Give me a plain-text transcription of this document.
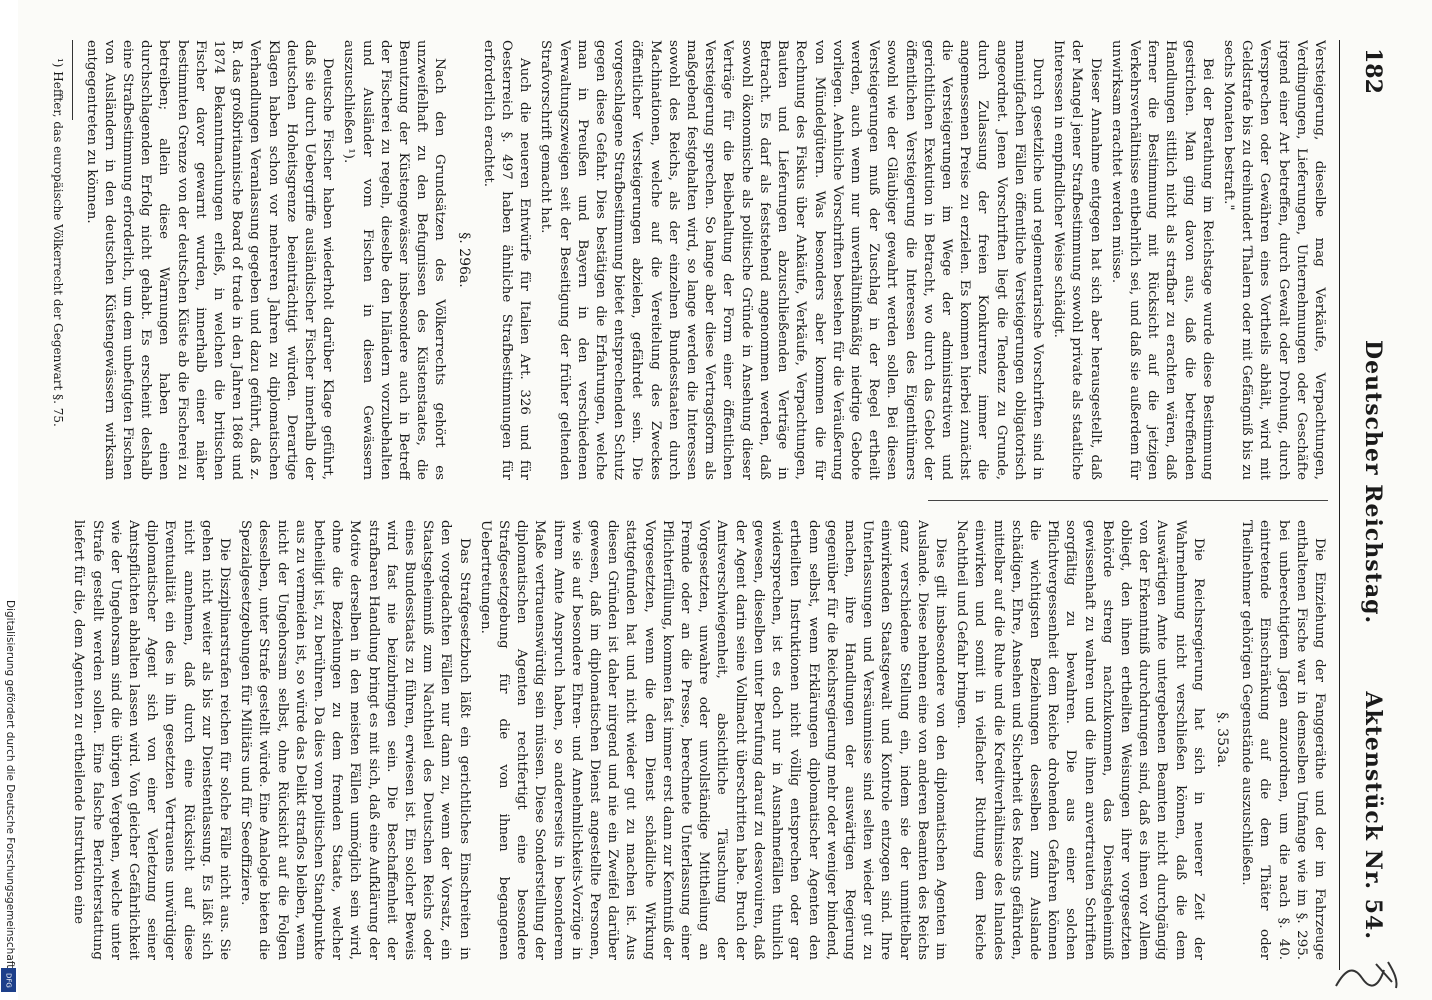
182
Deutscher Reichstag.
Aktenstück Nr. 54.

Versteigerung, dieselbe mag Verkäufe, Verpachtungen, Verdingungen, Lieferungen, Unternehmungen oder Geschäfte irgend einer Art betreffen, durch Gewalt oder Drohung, durch Versprechen oder Gewähren eines Vortheils abhält, wird mit Geldstrafe bis zu dreihundert Thalern oder mit Gefängniß bis zu sechs Monaten bestraft."

Bei der Berathung im Reichstage wurde diese Bestimmung gestrichen. Man ging davon aus, daß die betreffenden Handlungen sittlich nicht als strafbar zu erachten wären, daß ferner die Bestimmung mit Rücksicht auf die jetzigen Verkehrsverhältnisse entbehrlich sei, und daß sie außerdem für unwirksam erachtet werden müsse.

Dieser Annahme entgegen hat sich aber herausgestellt, daß der Mangel jener Strafbestimmung sowohl private als staatliche Interessen in empfindlicher Weise schädigt.

Durch gesetzliche und reglementarische Vorschriften sind in mannigfachen Fällen öffentliche Versteigerungen obligatorisch angeordnet. Jenen Vorschriften liegt die Tendenz zu Grunde, durch Zulassung der freien Konkurrenz immer die angemessenen Preise zu erzielen. Es kommen hierbei zunächst die Versteigerungen im Wege der administrativen und gerichtlichen Exekution in Betracht, wo durch das Gebot der öffentlichen Versteigerung die Interessen des Eigenthümers sowohl wie der Gläubiger gewahrt werden sollen. Bei diesen Versteigerungen muß der Zuschlag in der Regel ertheilt werden, auch wenn nur unverhältnißmäßig niedrige Gebote vorliegen. Aehnliche Vorschriften bestehen für die Veräußerung von Mündelgütern. Was besonders aber kommen die für Rechnung des Fiskus über Ankäufe, Verkäufe, Verpachtungen, Bauten und Lieferungen abzuschließenden Verträge in Betracht. Es darf als feststehend angenommen werden, daß sowohl ökonomische als politische Gründe in Ansehung dieser Verträge für die Beibehaltung der Form einer öffentlichen Versteigerung sprechen. So lange aber diese Vertragsform als maßgebend festgehalten wird, so lange werden die Interessen sowohl des Reichs, als der einzelnen Bundesstaaten durch Machinationen, welche auf die Vereitelung des Zweckes öffentlicher Versteigerungen abzielen, gefährdet sein. Die vorgeschlagene Strafbestimmung bietet entsprechenden Schutz gegen diese Gefahr. Dies bestätigen die Erfahrungen, welche man in Preußen und Bayern in den verschiedenen Verwaltungszweigen seit der Beseitigung der früher geltenden Strafvorschrift gemacht hat.

Auch die neueren Entwürfe für Italien Art. 326 und für Oesterreich §. 497 haben ähnliche Strafbestimmungen für erforderlich erachtet.

§. 296a.

Nach den Grundsätzen des Völkerrechts gehört es unzweifelhaft zu den Befugnissen des Küstenstaates, die Benutzung der Küstengewässer insbesondere auch in Betreff der Fischerei zu regeln, dieselbe den Inländern vorzubehalten und Ausländer vom Fischen in diesen Gewässern auszuschließen ¹).

Deutsche Fischer haben wiederholt darüber Klage geführt, daß sie durch Uebergriffe ausländischer Fischer innerhalb der deutschen Hoheitsgrenze beeinträchtigt würden. Derartige Klagen haben schon vor mehreren Jahren zu diplomatischen Verhandlungen Veranlassung gegeben und dazu geführt, daß z. B. das großbritannische Board of trade in den Jahren 1868 und 1874 Bekanntmachungen erließ, in welchen die britischen Fischer davor gewarnt wurden, innerhalb einer näher bestimmten Grenze von der deutschen Küste ab die Fischerei zu betreiben; allein diese Warnungen haben einen durchschlagenden Erfolg nicht gehabt. Es erscheint deshalb eine Strafbestimmung erforderlich, um dem unbefugten Fischen von Ausländern in den deutschen Küstengewässern wirksam entgegentreten zu können.

¹) Heffter, das europäische Völkerrecht der Gegenwart §. 75.

Die Einziehung der Fanggeräthe und der im Fahrzeuge enthaltenen Fische war in demselben Umfange wie im §. 295. bei unberechtigtem Jagen anzuordnen, um die nach §. 40. eintretende Einschränkung auf die dem Thäter oder Theilnehmer gehörigen Gegenstände auszuschließen.

§. 353a.

Die Reichsregierung hat sich in neuerer Zeit der Wahrnehmung nicht verschließen können, daß die dem Auswärtigen Amte untergebenen Beamten nicht durchgängig von der Erkenntniß durchdrungen sind, daß es ihnen vor Allem obliegt, den ihnen ertheilten Weisungen ihrer vorgesetzten Behörde streng nachzukommen, das Dienstgeheimniß gewissenhaft zu wahren und die ihnen anvertrauten Schriften sorgfältig zu bewahren. Die aus einer solchen Pflichtvergessenheit dem Reiche drohenden Gefahren können die wichtigsten Beziehungen desselben zum Auslande schädigen, Ehre, Ansehen und Sicherheit des Reichs gefährden, mittelbar auf die Ruhe und die Kreditverhältnisse des Inlandes einwirken und somit in vielfacher Richtung dem Reiche Nachtheil und Gefahr bringen.

Dies gilt insbesondere von den diplomatischen Agenten im Auslande. Diese nehmen eine von anderen Beamten des Reichs ganz verschiedene Stellung ein, indem sie der unmittelbar einwirkenden Staatsgewalt und Kontrole entzogen sind. Ihre Unterlassungen und Versäumnisse sind selten wieder gut zu machen, ihre Handlungen der auswärtigen Regierung gegenüber für die Reichsregierung mehr oder weniger bindend, denn selbst, wenn Erklärungen diplomatischer Agenten den ertheilten Instruktionen nicht völlig entsprechen oder gar widersprechen, ist es doch nur in Ausnahmefällen thunlich gewesen, dieselben unter Berufung darauf zu desavouiren, daß der Agent darin seine Vollmacht überschritten habe. Bruch der Amtsverschwiegenheit, absichtliche Täuschung der Vorgesetzten, unwahre oder unvollständige Mittheilung an Fremde oder an die Presse, berechnete Unterlassung einer Pflichterfüllung, kommen fast immer erst dann zur Kenntniß der Vorgesetzten, wenn die dem Dienst schädliche Wirkung stattgefunden hat und nicht wieder gut zu machen ist. Aus diesen Gründen ist daher nirgend und nie ein Zweifel darüber gewesen, daß im diplomatischen Dienst angestellte Personen, wie sie auf besondere Ehren- und Annehmlichkeits-Vorzüge in ihrem Amte Anspruch haben, so andererseits in besonderem Maße vertrauenswürdig sein müssen. Diese Sonderstellung der diplomatischen Agenten rechtfertigt eine besondere Strafgesetzgebung für die von ihnen begangenen Uebertretungen.

Das Strafgesetzbuch läßt ein gerichtliches Einschreiten in den vorgedachten Fällen nur dann zu, wenn der Vorsatz, ein Staatsgeheimniß zum Nachtheil des Deutschen Reichs oder eines Bundesstaats zu führen, erwiesen ist. Ein solcher Beweis wird fast nie beizubringen sein. Die Beschaffenheit der strafbaren Handlung bringt es mit sich, daß eine Aufklärung der Motive derselben in den meisten Fällen unmöglich sein wird, ohne die Beziehungen zu dem fremden Staate, welcher betheiligt ist, zu berühren. Da dies vom politischen Standpunkte aus zu vermeiden ist, so würde das Delikt straflos bleiben, wenn nicht der Ungehorsam selbst, ohne Rücksicht auf die Folgen desselben, unter Strafe gestellt würde. Eine Analogie bieten die Spezialgesetzgebungen für Militärs und für Seeoffiziere.

Die Disziplinarstrafen reichen für solche Fälle nicht aus. Sie gehen nicht weiter als bis zur Dienstentlassung. Es läßt sich nicht annehmen, daß durch eine Rücksicht auf diese Eventualität ein des in ihn gesetzten Vertrauens unwürdiger diplomatischer Agent sich von einer Verletzung seiner Amtspflichten abhalten lassen wird. Von gleicher Gefährlichkeit wie der Ungehorsam sind die übrigen Vergehen, welche unter Strafe gestellt werden sollen. Eine falsche Berichterstattung liefert für die, dem Agenten zu ertheilende Instruktion eine

Digitalisierung gefördert durch die Deutsche Forschungsgemeinschaft
DFG
